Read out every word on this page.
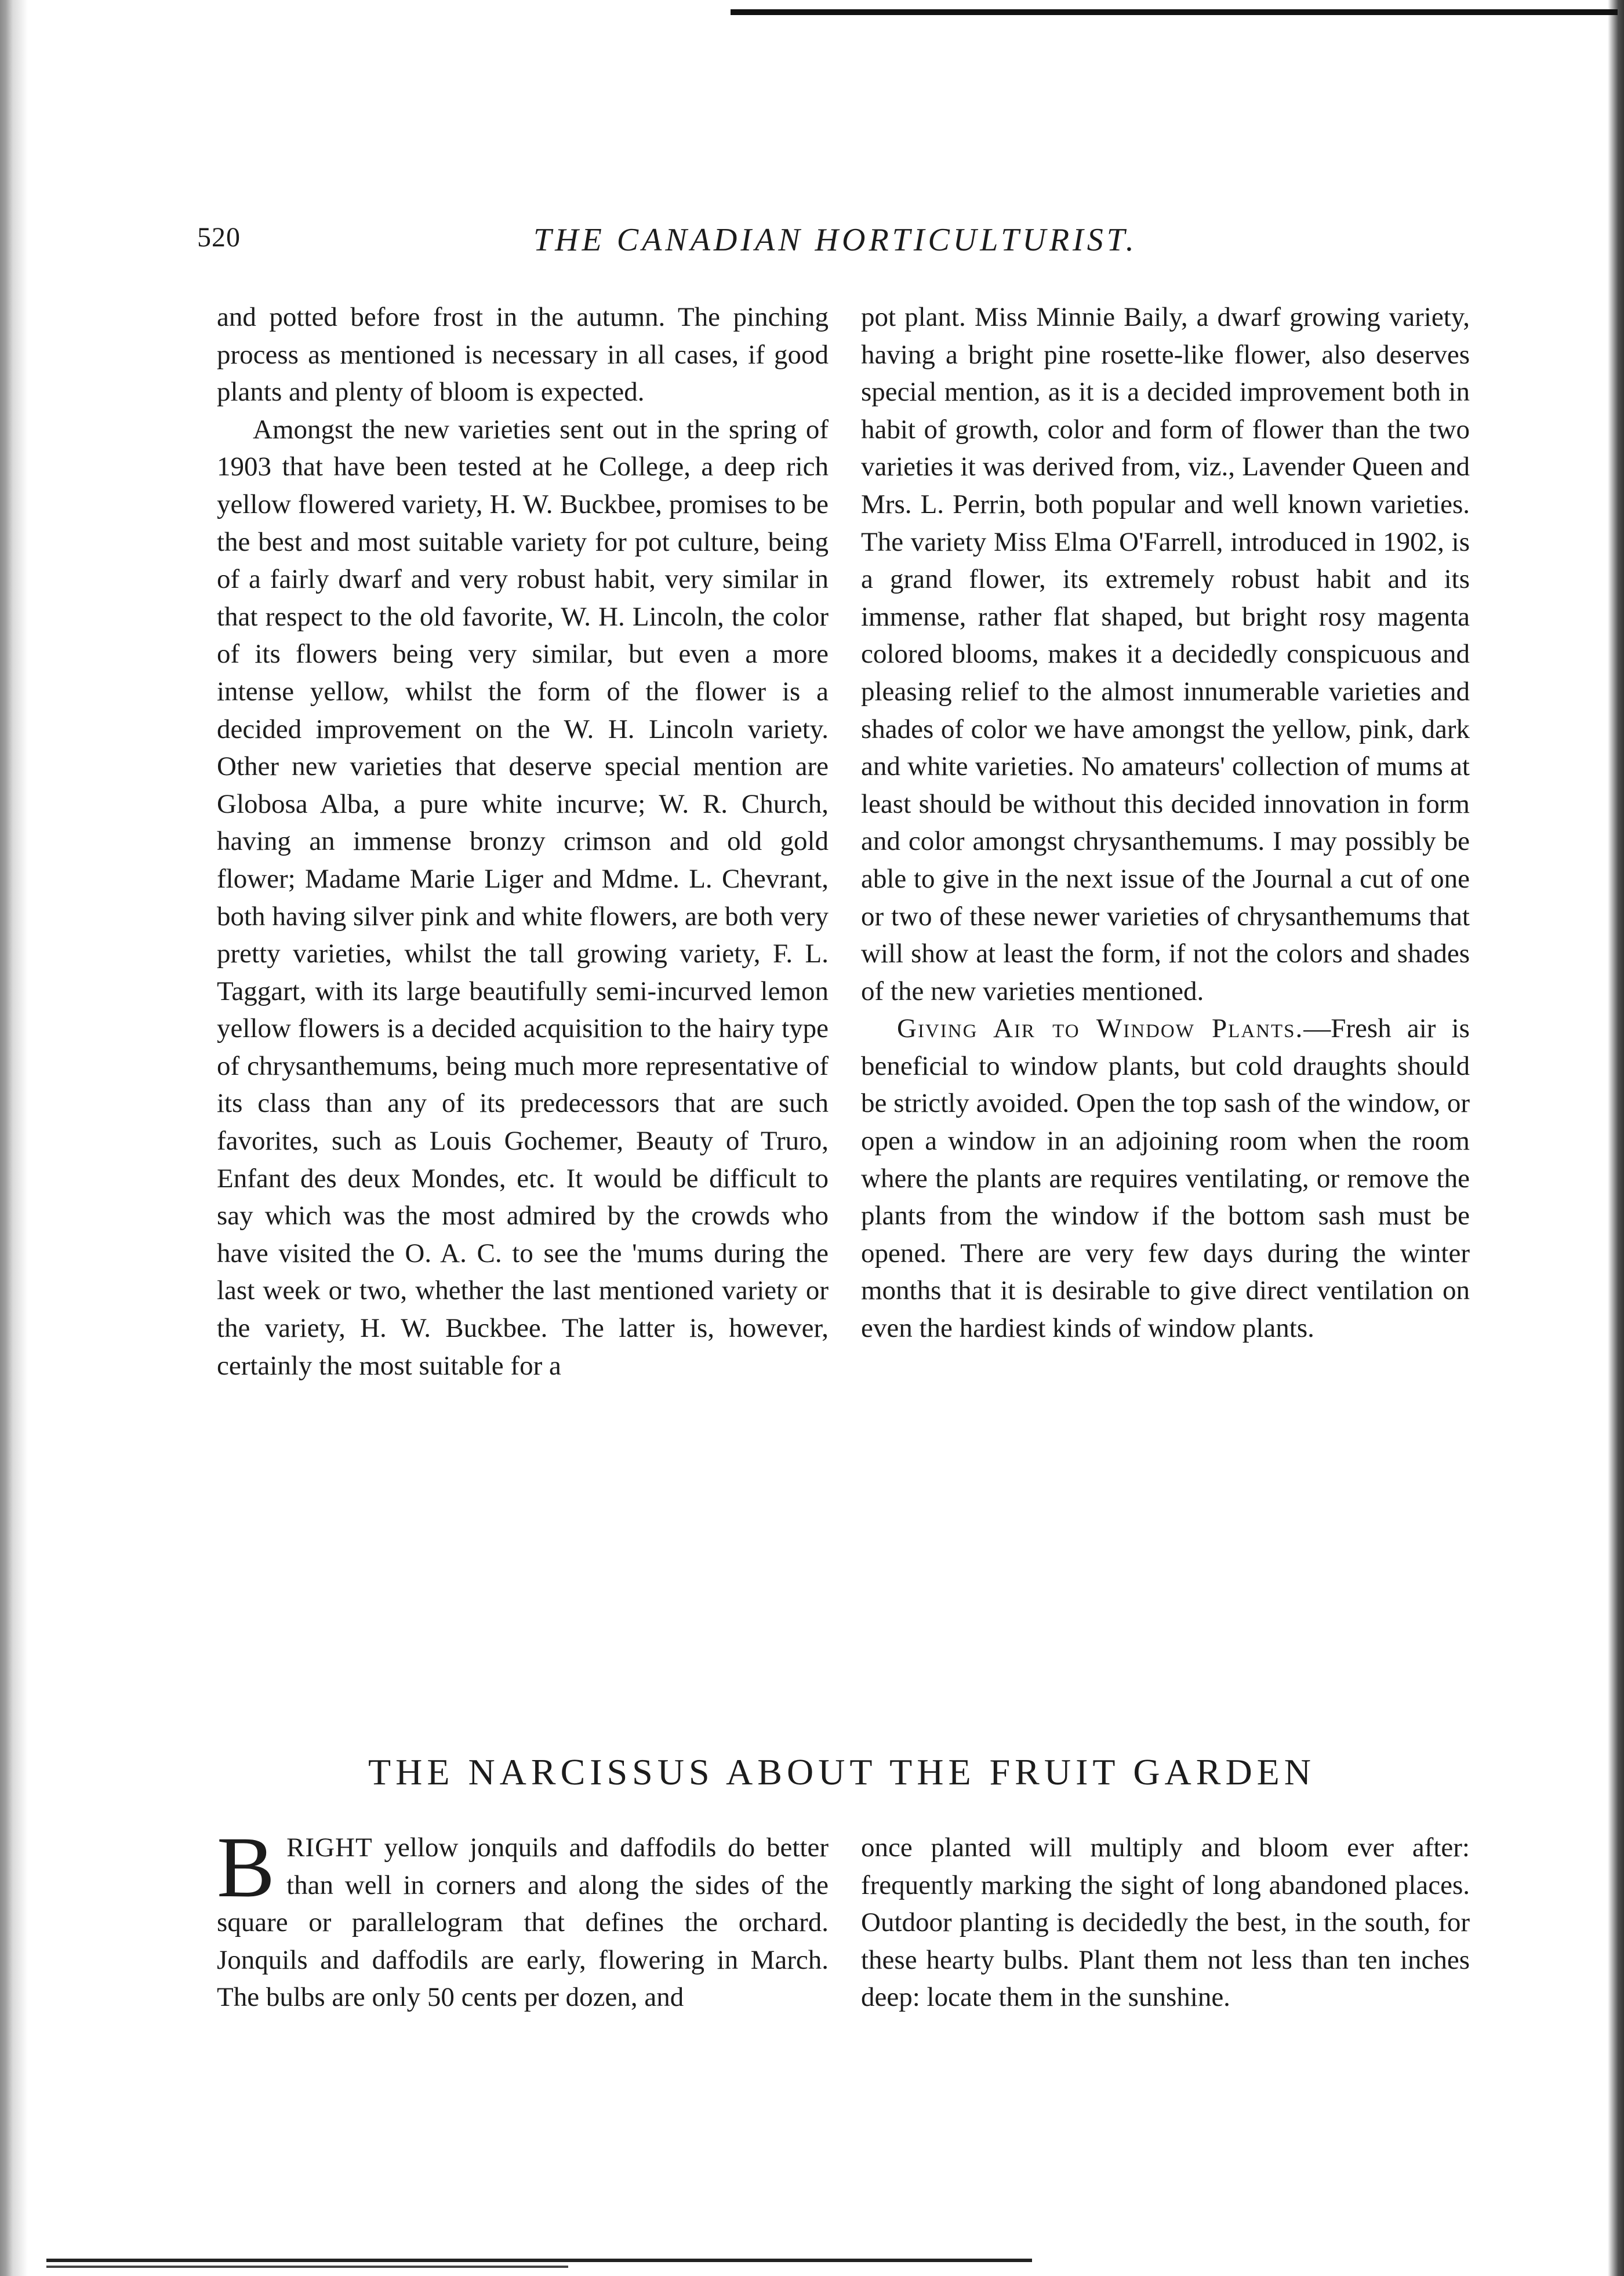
520	THE CANADIAN HORTICULTURIST.

and potted before frost in the autumn. The pinching process as mentioned is necessary in all cases, if good plants and plenty of bloom is expected.

Amongst the new varieties sent out in the spring of 1903 that have been tested at he College, a deep rich yellow flowered variety, H. W. Buckbee, promises to be the best and most suitable variety for pot culture, being of a fairly dwarf and very robust habit, very similar in that respect to the old favorite, W. H. Lincoln, the color of its flowers being very similar, but even a more intense yellow, whilst the form of the flower is a decided improvement on the W. H. Lincoln variety. Other new varieties that deserve special mention are Globosa Alba, a pure white incurve; W. R. Church, having an immense bronzy crimson and old gold flower; Madame Marie Liger and Mdme. L. Chevrant, both having silver pink and white flowers, are both very pretty varieties, whilst the tall growing variety, F. L. Taggart, with its large beautifully semi-incurved lemon yellow flowers is a decided acquisition to the hairy type of chrysanthemums, being much more representative of its class than any of its predecessors that are such favorites, such as Louis Gochemer, Beauty of Truro, Enfant des deux Mondes, etc. It would be difficult to say which was the most admired by the crowds who have visited the O. A. C. to see the 'mums during the last week or two, whether the last mentioned variety or the variety, H. W. Buckbee. The latter is, however, certainly the most suitable for a

pot plant. Miss Minnie Baily, a dwarf growing variety, having a bright pine rosette-like flower, also deserves special mention, as it is a decided improvement both in habit of growth, color and form of flower than the two varieties it was derived from, viz., Lavender Queen and Mrs. L. Perrin, both popular and well known varieties. The variety Miss Elma O'Farrell, introduced in 1902, is a grand flower, its extremely robust habit and its immense, rather flat shaped, but bright rosy magenta colored blooms, makes it a decidedly conspicuous and pleasing relief to the almost innumerable varieties and shades of color we have amongst the yellow, pink, dark and white varieties. No amateurs' collection of mums at least should be without this decided innovation in form and color amongst chrysanthemums. I may possibly be able to give in the next issue of the Journal a cut of one or two of these newer varieties of chrysanthemums that will show at least the form, if not the colors and shades of the new varieties mentioned.

Giving Air to Window Plants.—Fresh air is beneficial to window plants, but cold draughts should be strictly avoided. Open the top sash of the window, or open a window in an adjoining room when the room where the plants are requires ventilating, or remove the plants from the window if the bottom sash must be opened. There are very few days during the winter months that it is desirable to give direct ventilation on even the hardiest kinds of window plants.

THE NARCISSUS ABOUT THE FRUIT GARDEN

BRIGHT yellow jonquils and daffodils do better than well in corners and along the sides of the square or parallelogram that defines the orchard. Jonquils and daffodils are early, flowering in March. The bulbs are only 50 cents per dozen, and

once planted will multiply and bloom ever after: frequently marking the sight of long abandoned places. Outdoor planting is decidedly the best, in the south, for these hearty bulbs. Plant them not less than ten inches deep: locate them in the sunshine.
